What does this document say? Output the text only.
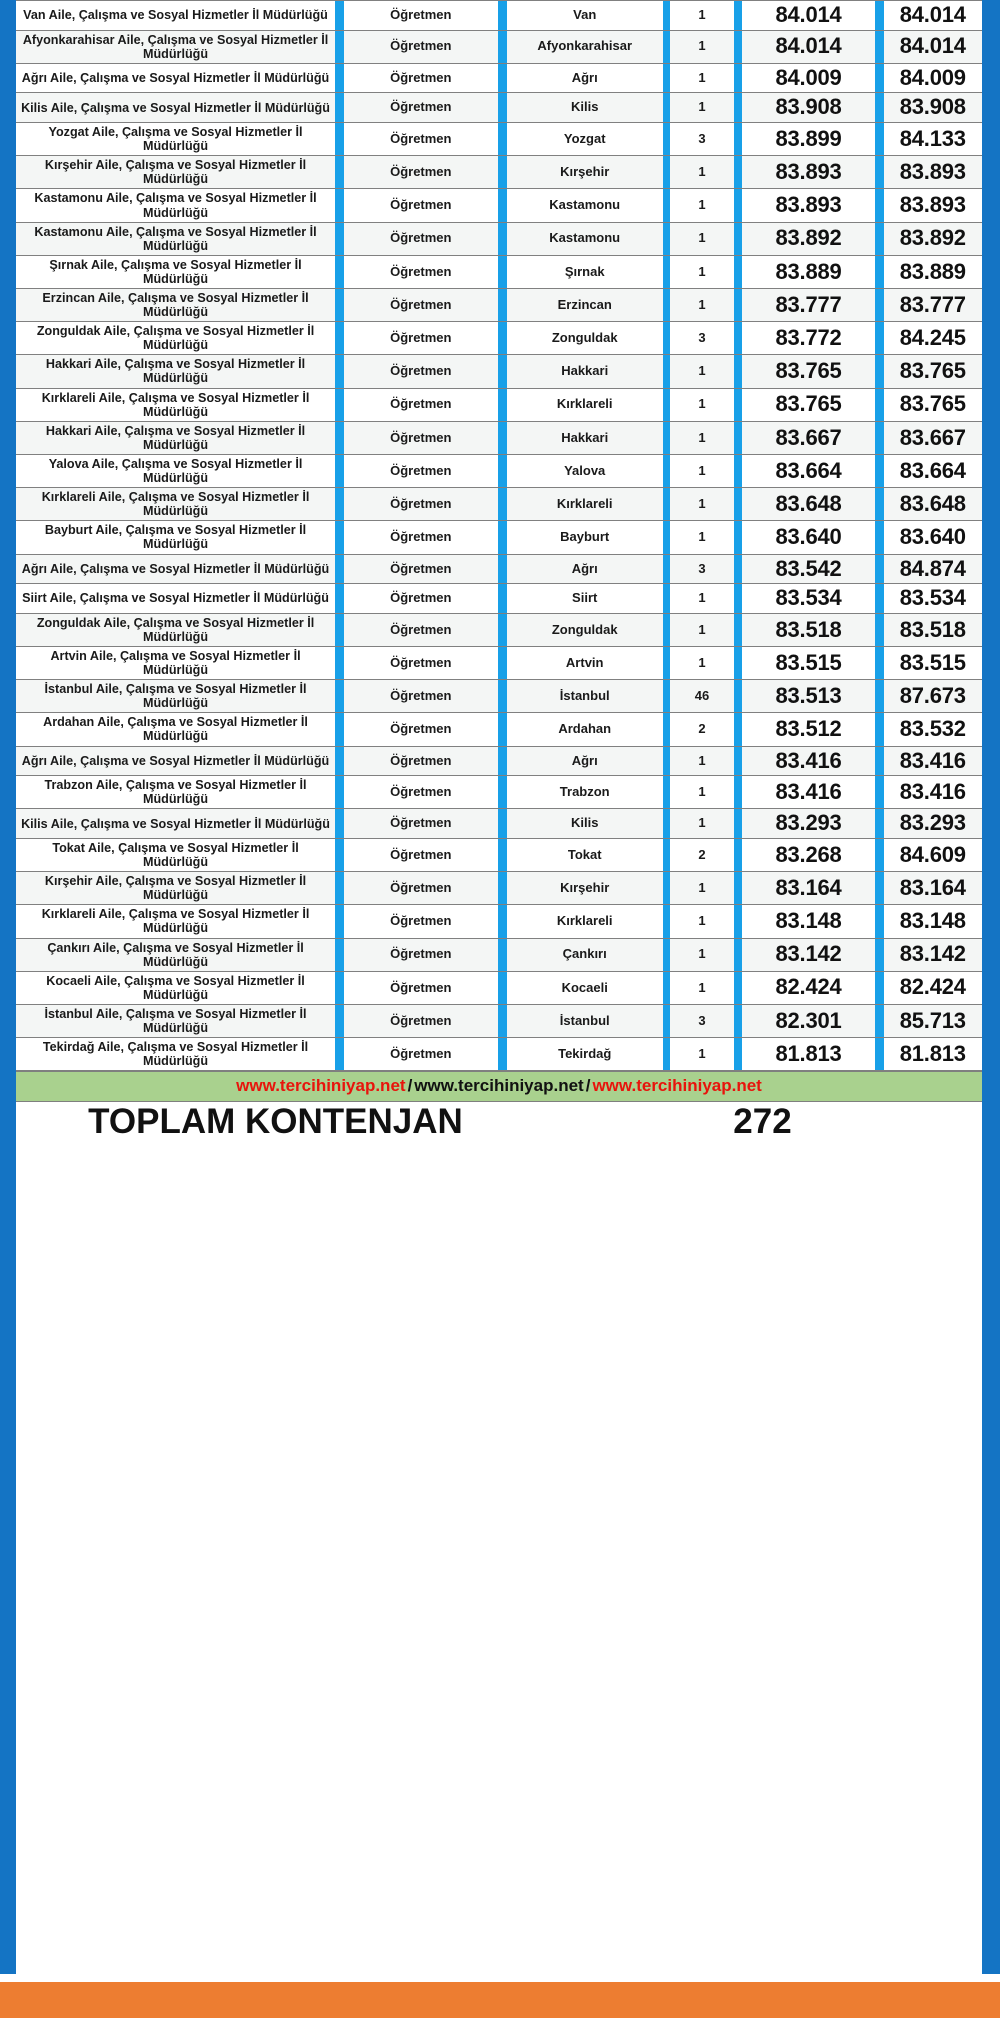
Van Aile, Çalışma ve Sosyal Hizmetler İl Müdürlüğü		Öğretmen		Van		1		84.014		84.014
Afyonkarahisar Aile, Çalışma ve Sosyal Hizmetler İl Müdürlüğü		Öğretmen		Afyonkarahisar		1		84.014		84.014
Ağrı Aile, Çalışma ve Sosyal Hizmetler İl Müdürlüğü		Öğretmen		Ağrı		1		84.009		84.009
Kilis Aile, Çalışma ve Sosyal Hizmetler İl Müdürlüğü		Öğretmen		Kilis		1		83.908		83.908
Yozgat Aile, Çalışma ve Sosyal Hizmetler İl Müdürlüğü		Öğretmen		Yozgat		3		83.899		84.133
Kırşehir Aile, Çalışma ve Sosyal Hizmetler İl Müdürlüğü		Öğretmen		Kırşehir		1		83.893		83.893
Kastamonu Aile, Çalışma ve Sosyal Hizmetler İl Müdürlüğü		Öğretmen		Kastamonu		1		83.893		83.893
Kastamonu Aile, Çalışma ve Sosyal Hizmetler İl Müdürlüğü		Öğretmen		Kastamonu		1		83.892		83.892
Şırnak Aile, Çalışma ve Sosyal Hizmetler İl Müdürlüğü		Öğretmen		Şırnak		1		83.889		83.889
Erzincan Aile, Çalışma ve Sosyal Hizmetler İl Müdürlüğü		Öğretmen		Erzincan		1		83.777		83.777
Zonguldak Aile, Çalışma ve Sosyal Hizmetler İl Müdürlüğü		Öğretmen		Zonguldak		3		83.772		84.245
Hakkari Aile, Çalışma ve Sosyal Hizmetler İl Müdürlüğü		Öğretmen		Hakkari		1		83.765		83.765
Kırklareli Aile, Çalışma ve Sosyal Hizmetler İl Müdürlüğü		Öğretmen		Kırklareli		1		83.765		83.765
Hakkari Aile, Çalışma ve Sosyal Hizmetler İl Müdürlüğü		Öğretmen		Hakkari		1		83.667		83.667
Yalova Aile, Çalışma ve Sosyal Hizmetler İl Müdürlüğü		Öğretmen		Yalova		1		83.664		83.664
Kırklareli Aile, Çalışma ve Sosyal Hizmetler İl Müdürlüğü		Öğretmen		Kırklareli		1		83.648		83.648
Bayburt Aile, Çalışma ve Sosyal Hizmetler İl Müdürlüğü		Öğretmen		Bayburt		1		83.640		83.640
Ağrı Aile, Çalışma ve Sosyal Hizmetler İl Müdürlüğü		Öğretmen		Ağrı		3		83.542		84.874
Siirt Aile, Çalışma ve Sosyal Hizmetler İl Müdürlüğü		Öğretmen		Siirt		1		83.534		83.534
Zonguldak Aile, Çalışma ve Sosyal Hizmetler İl Müdürlüğü		Öğretmen		Zonguldak		1		83.518		83.518
Artvin Aile, Çalışma ve Sosyal Hizmetler İl Müdürlüğü		Öğretmen		Artvin		1		83.515		83.515
İstanbul Aile, Çalışma ve Sosyal Hizmetler İl Müdürlüğü		Öğretmen		İstanbul		46		83.513		87.673
Ardahan Aile, Çalışma ve Sosyal Hizmetler İl Müdürlüğü		Öğretmen		Ardahan		2		83.512		83.532
Ağrı Aile, Çalışma ve Sosyal Hizmetler İl Müdürlüğü		Öğretmen		Ağrı		1		83.416		83.416
Trabzon Aile, Çalışma ve Sosyal Hizmetler İl Müdürlüğü		Öğretmen		Trabzon		1		83.416		83.416
Kilis Aile, Çalışma ve Sosyal Hizmetler İl Müdürlüğü		Öğretmen		Kilis		1		83.293		83.293
Tokat Aile, Çalışma ve Sosyal Hizmetler İl Müdürlüğü		Öğretmen		Tokat		2		83.268		84.609
Kırşehir Aile, Çalışma ve Sosyal Hizmetler İl Müdürlüğü		Öğretmen		Kırşehir		1		83.164		83.164
Kırklareli Aile, Çalışma ve Sosyal Hizmetler İl Müdürlüğü		Öğretmen		Kırklareli		1		83.148		83.148
Çankırı Aile, Çalışma ve Sosyal Hizmetler İl Müdürlüğü		Öğretmen		Çankırı		1		83.142		83.142
Kocaeli Aile, Çalışma ve Sosyal Hizmetler İl Müdürlüğü		Öğretmen		Kocaeli		1		82.424		82.424
İstanbul Aile, Çalışma ve Sosyal Hizmetler İl Müdürlüğü		Öğretmen		İstanbul		3		82.301		85.713
Tekirdağ Aile, Çalışma ve Sosyal Hizmetler İl Müdürlüğü		Öğretmen		Tekirdağ		1		81.813		81.813
www.tercihiniyap.net / www.tercihiniyap.net / www.tercihiniyap.net
TOPLAM KONTENJAN		272
